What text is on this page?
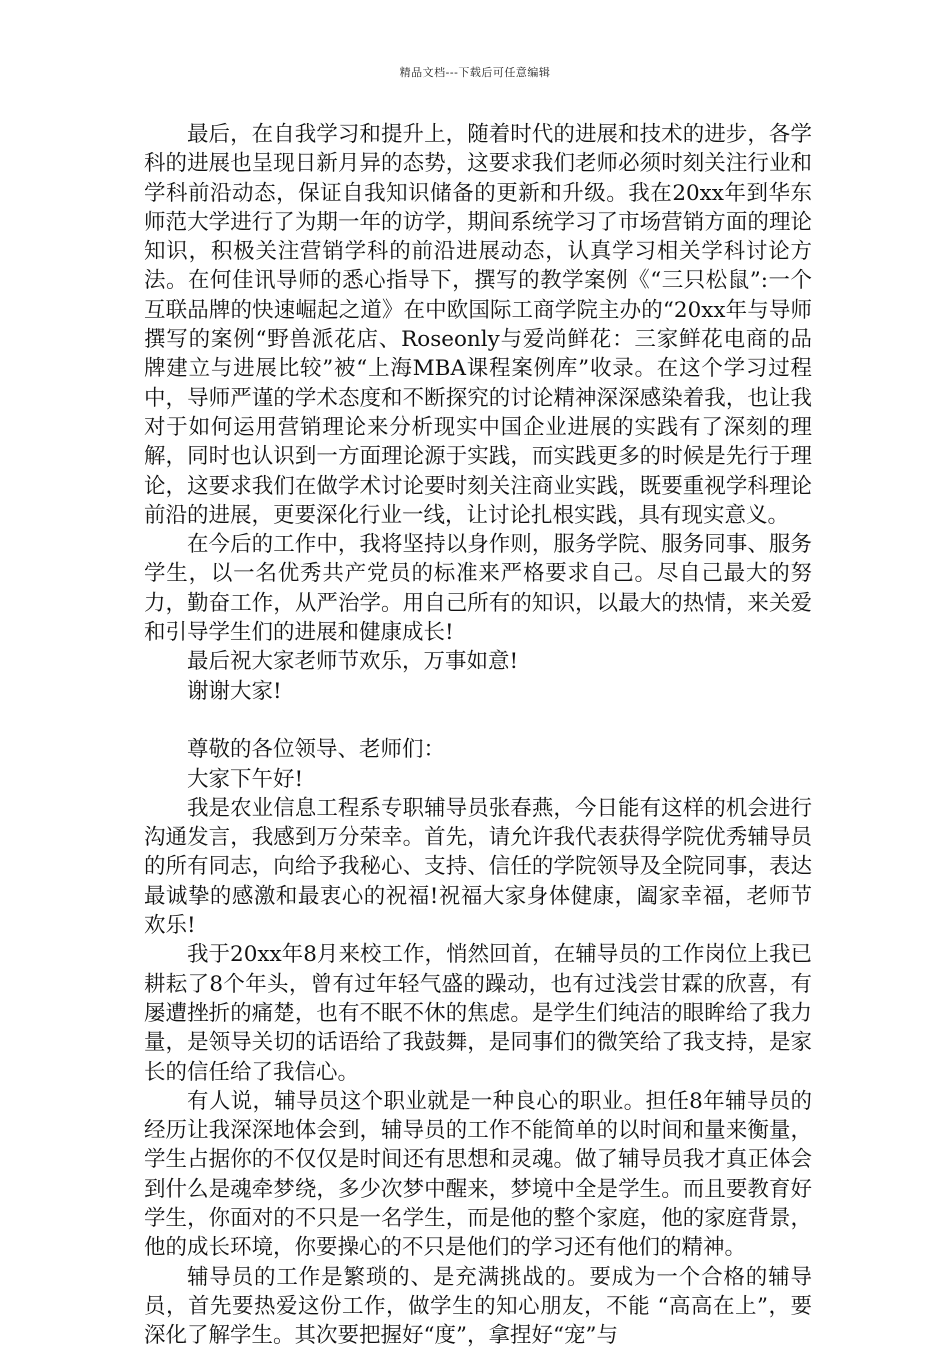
精品文档---下载后可任意编辑

最后，在自我学习和提升上，随着时代的进展和技术的进步，各学科的进展也呈现日新月异的态势，这要求我们老师必须时刻关注行业和学科前沿动态，保证自我知识储备的更新和升级。我在20xx年到华东师范大学进行了为期一年的访学，期间系统学习了市场营销方面的理论知识，积极关注营销学科的前沿进展动态，认真学习相关学科讨论方法。在何佳讯导师的悉心指导下，撰写的教学案例《“三只松鼠”:一个互联品牌的快速崛起之道》在中欧国际工商学院主办的“20xx年与导师撰写的案例“野兽派花店、Roseonly与爱尚鲜花：三家鲜花电商的品牌建立与进展比较”被“上海MBA课程案例库”收录。在这个学习过程中，导师严谨的学术态度和不断探究的讨论精神深深感染着我，也让我对于如何运用营销理论来分析现实中国企业进展的实践有了深刻的理解，同时也认识到一方面理论源于实践，而实践更多的时候是先行于理论，这要求我们在做学术讨论要时刻关注商业实践，既要重视学科理论前沿的进展，更要深化行业一线，让讨论扎根实践，具有现实意义。

在今后的工作中，我将坚持以身作则，服务学院、服务同事、服务学生，以一名优秀共产党员的标准来严格要求自己。尽自己最大的努力，勤奋工作，从严治学。用自己所有的知识，以最大的热情，来关爱和引导学生们的进展和健康成长!

最后祝大家老师节欢乐，万事如意!

谢谢大家!

尊敬的各位领导、老师们：

大家下午好!

我是农业信息工程系专职辅导员张春燕，今日能有这样的机会进行沟通发言，我感到万分荣幸。首先，请允许我代表获得学院优秀辅导员的所有同志，向给予我秘心、支持、信任的学院领导及全院同事，表达最诚挚的感激和最衷心的祝福!祝福大家身体健康，阖家幸福，老师节欢乐!

我于20xx年8月来校工作，悄然回首，在辅导员的工作岗位上我已耕耘了8个年头，曾有过年轻气盛的躁动，也有过浅尝甘霖的欣喜，有屡遭挫折的痛楚，也有不眠不休的焦虑。是学生们纯洁的眼眸给了我力量，是领导关切的话语给了我鼓舞，是同事们的微笑给了我支持，是家长的信任给了我信心。

有人说，辅导员这个职业就是一种良心的职业。担任8年辅导员的经历让我深深地体会到，辅导员的工作不能简单的以时间和量来衡量，学生占据你的不仅仅是时间还有思想和灵魂。做了辅导员我才真正体会到什么是魂牵梦绕，多少次梦中醒来，梦境中全是学生。而且要教育好学生，你面对的不只是一名学生，而是他的整个家庭，他的家庭背景，他的成长环境，你要操心的不只是他们的学习还有他们的精神。

辅导员的工作是繁琐的、是充满挑战的。要成为一个合格的辅导员，首先要热爱这份工作，做学生的知心朋友，不能 “高高在上”，要深化了解学生。其次要把握好“度”，拿捏好“宠”与
